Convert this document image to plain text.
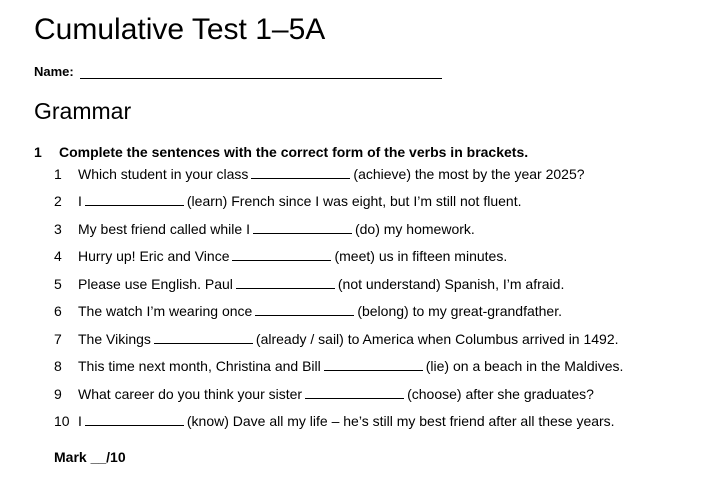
Cumulative Test 1–5A
Name:
Grammar
1 Complete the sentences with the correct form of the verbs in brackets.
1 Which student in your class	(achieve) the most by the year 2025?
2 I	(learn) French since I was eight, but I’m still not fluent.
3 My best friend called while I	(do) my homework.
4 Hurry up! Eric and Vince	(meet) us in fifteen minutes.
5 Please use English. Paul	(not understand) Spanish, I’m afraid.
6 The watch I’m wearing once	(belong) to my great-grandfather.
7 The Vikings	(already / sail) to America when Columbus arrived in 1492.
8 This time next month, Christina and Bill	(lie) on a beach in the Maldives.
9 What career do you think your sister	(choose) after she graduates?
10 I	(know) Dave all my life – he’s still my best friend after all these years.
Mark __/10
